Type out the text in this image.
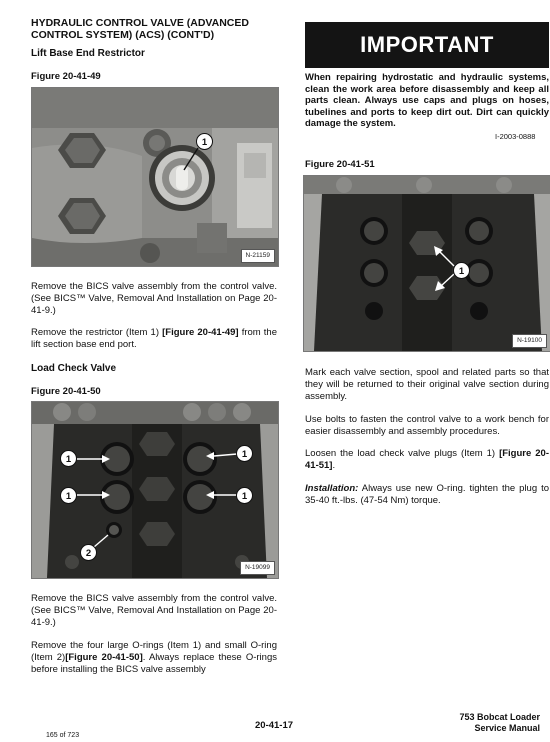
HYDRAULIC CONTROL VALVE (ADVANCED
CONTROL SYSTEM) (ACS) (CONT'D)
Lift Base End Restrictor
Figure 20-41-49
1
N-21159
Remove the BICS valve assembly from the control valve. (See BICS™ Valve, Removal And Installation on Page 20-41-9.)
Remove the restrictor (Item 1) [Figure 20-41-49] from the lift section base end port.
Load Check Valve
Figure 20-41-50
1
1
1
1
2
N-19099
Remove the BICS valve assembly from the control valve. (See BICS™ Valve, Removal And Installation on Page 20-41-9.)
Remove the four large O-rings (Item 1) and small O-ring (Item 2)[Figure 20-41-50]. Always replace these O-rings before installing the BICS valve assembly
IMPORTANT
When repairing hydrostatic and hydraulic systems, clean the work area before disassembly and keep all parts clean. Always use caps and plugs on hoses, tubelines and ports to keep dirt out. Dirt can quickly damage the system.
I-2003-0888
Figure 20-41-51
1
N-19100
Mark each valve section, spool and related parts so that they will be returned to their original valve section during assembly.
Use bolts to fasten the control valve to a work bench for easier disassembly and assembly procedures.
Loosen the load check valve plugs (Item 1) [Figure 20-41-51].
Installation: Always use new O-ring. tighten the plug to 35-40 ft.-lbs. (47-54 Nm) torque.
20-41-17
753 Bobcat Loader
Service Manual
165 of 723
